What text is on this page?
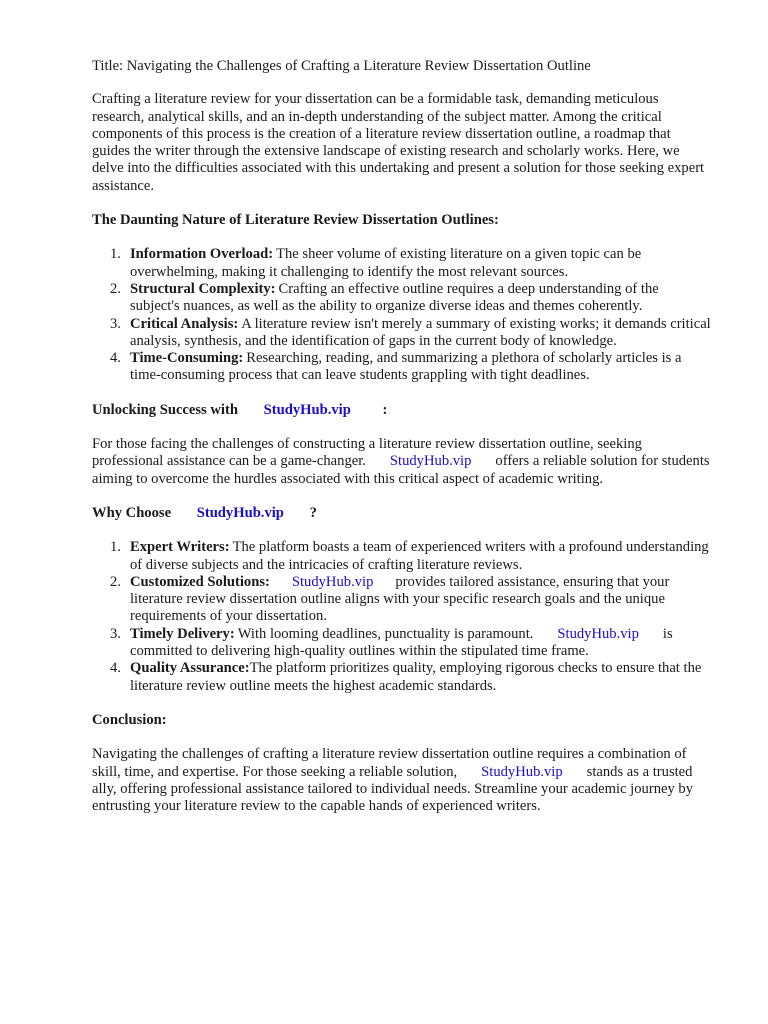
Title: Navigating the Challenges of Crafting a Literature Review Dissertation Outline

Crafting a literature review for your dissertation can be a formidable task, demanding meticulous research, analytical skills, and an in-depth understanding of the subject matter. Among the critical components of this process is the creation of a literature review dissertation outline, a roadmap that guides the writer through the extensive landscape of existing research and scholarly works. Here, we delve into the difficulties associated with this undertaking and present a solution for those seeking expert assistance.

The Daunting Nature of Literature Review Dissertation Outlines:
1. Information Overload: The sheer volume of existing literature on a given topic can be overwhelming, making it challenging to identify the most relevant sources.
2. Structural Complexity: Crafting an effective outline requires a deep understanding of the subject's nuances, as well as the ability to organize diverse ideas and themes coherently.
3. Critical Analysis: A literature review isn't merely a summary of existing works; it demands critical analysis, synthesis, and the identification of gaps in the current body of knowledge.
4. Time-Consuming: Researching, reading, and summarizing a plethora of scholarly articles is a time-consuming process that can leave students grappling with tight deadlines.
Unlocking Success with StudyHub.vip :

For those facing the challenges of constructing a literature review dissertation outline, seeking professional assistance can be a game-changer. StudyHub.vip offers a reliable solution for students aiming to overcome the hurdles associated with this critical aspect of academic writing.

Why Choose StudyHub.vip ?
1. Expert Writers: The platform boasts a team of experienced writers with a profound understanding of diverse subjects and the intricacies of crafting literature reviews.
2. Customized Solutions: StudyHub.vip provides tailored assistance, ensuring that your literature review dissertation outline aligns with your specific research goals and the unique requirements of your dissertation.
3. Timely Delivery: With looming deadlines, punctuality is paramount. StudyHub.vip is committed to delivering high-quality outlines within the stipulated time frame.
4. Quality Assurance:The platform prioritizes quality, employing rigorous checks to ensure that the literature review outline meets the highest academic standards.
Conclusion:

Navigating the challenges of crafting a literature review dissertation outline requires a combination of skill, time, and expertise. For those seeking a reliable solution, StudyHub.vip stands as a trusted ally, offering professional assistance tailored to individual needs. Streamline your academic journey by entrusting your literature review to the capable hands of experienced writers.
